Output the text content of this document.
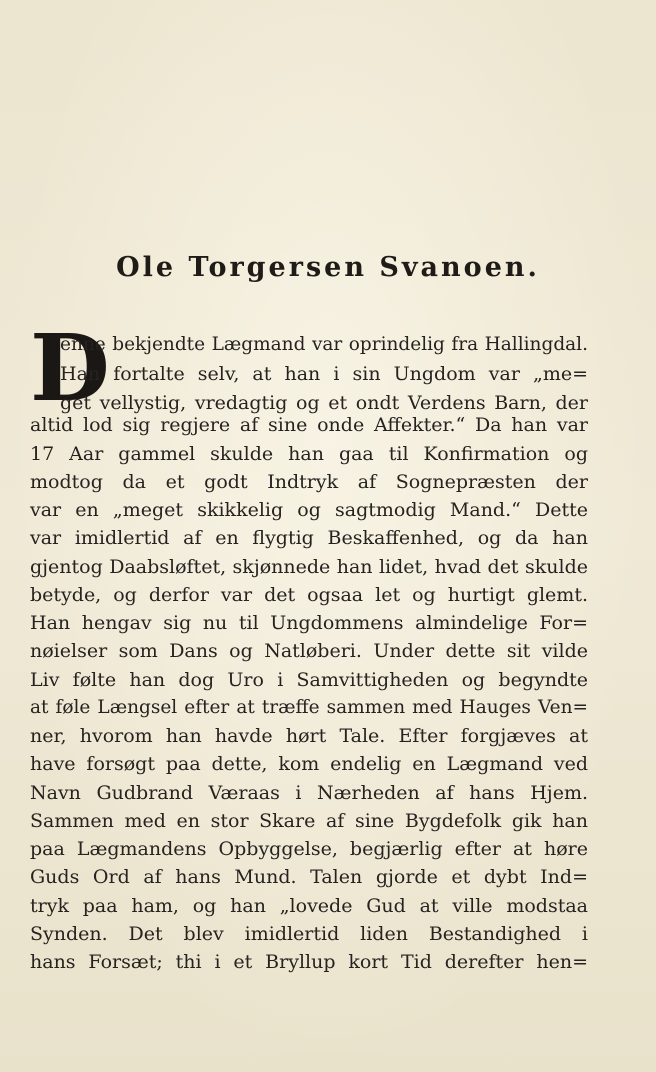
Ole Torgersen Svanoen.
D
enne bekjendte Lægmand var oprindelig fra Hallingdal.
Han fortalte selv, at han i sin Ungdom var „me=
get vellystig, vredagtig og et ondt Verdens Barn, der
altid lod sig regjere af sine onde Affekter.“ Da han var
17 Aar gammel skulde han gaa til Konfirmation og
modtog da et godt Indtryk af Sognepræsten der
var en „meget skikkelig og sagtmodig Mand.“ Dette
var imidlertid af en flygtig Beskaffenhed, og da han
gjentog Daabsløftet, skjønnede han lidet, hvad det skulde
betyde, og derfor var det ogsaa let og hurtigt glemt.
Han hengav sig nu til Ungdommens almindelige For=
nøielser som Dans og Natløberi. Under dette sit vilde
Liv følte han dog Uro i Samvittigheden og begyndte
at føle Længsel efter at træffe sammen med Hauges Ven=
ner, hvorom han havde hørt Tale. Efter forgjæves at
have forsøgt paa dette, kom endelig en Lægmand ved
Navn Gudbrand Væraas i Nærheden af hans Hjem.
Sammen med en stor Skare af sine Bygdefolk gik han
paa Lægmandens Opbyggelse, begjærlig efter at høre
Guds Ord af hans Mund. Talen gjorde et dybt Ind=
tryk paa ham, og han „lovede Gud at ville modstaa
Synden. Det blev imidlertid liden Bestandighed i
hans Forsæt; thi i et Bryllup kort Tid derefter hen=
